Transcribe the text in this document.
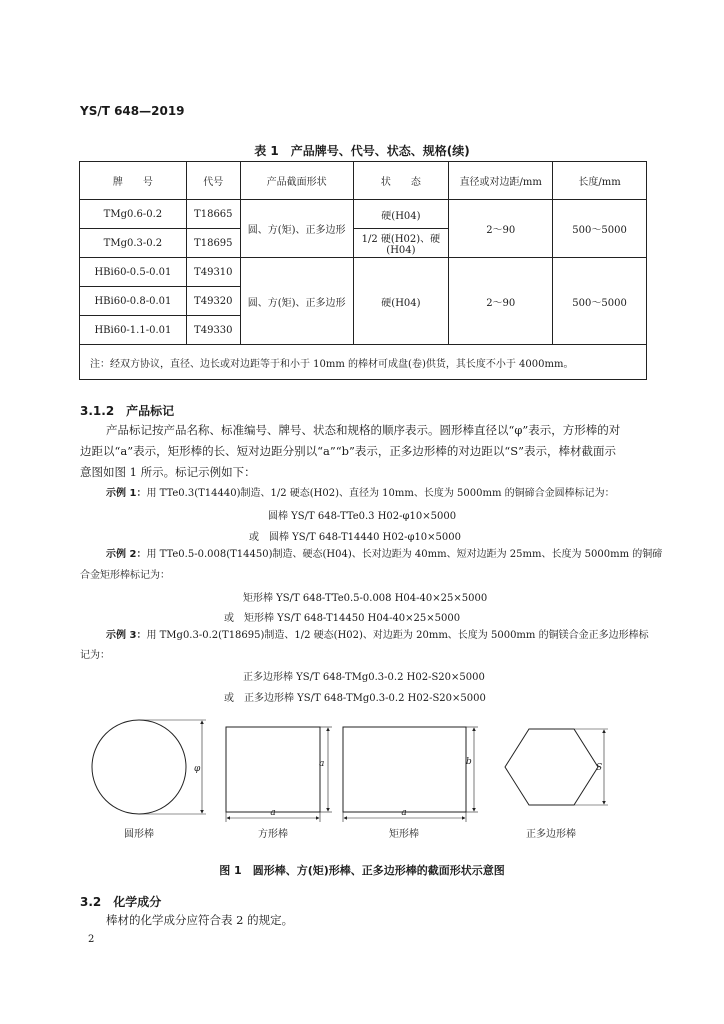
YS/T 648—2019
表 1　产品牌号、代号、状态、规格(续)
牌　　号	代号	产品截面形状	状　　态	直径或对边距/mm	长度/mm
TMg0.6-0.2	T18665	圆、方(矩)、正多边形	硬(H04)	2～90	500～5000
TMg0.3-0.2	T18695		1/2 硬(H02)、硬(H04)		
HBi60-0.5-0.01	T49310	圆、方(矩)、正多边形	硬(H04)	2～90	500～5000
HBi60-0.8-0.01	T49320				
HBi60-1.1-0.01	T49330				
注：经双方协议，直径、边长或对边距等于和小于 10mm 的棒材可成盘(卷)供货，其长度不小于 4000mm。					
3.1.2　产品标记
产品标记按产品名称、标准编号、牌号、状态和规格的顺序表示。圆形棒直径以“φ”表示，方形棒的对
边距以“a”表示，矩形棒的长、短对边距分别以“a”“b”表示，正多边形棒的对边距以“S”表示，棒材截面示
意图如图 1 所示。标记示例如下：
示例 1：用 TTe0.3(T14440)制造、1/2 硬态(H02)、直径为 10mm、长度为 5000mm 的铜碲合金圆棒标记为：
圆棒 YS/T 648-TTe0.3 H02-φ10×5000
或　圆棒 YS/T 648-T14440 H02-φ10×5000
示例 2：用 TTe0.5-0.008(T14450)制造、硬态(H04)、长对边距为 40mm、短对边距为 25mm、长度为 5000mm 的铜碲
合金矩形棒标记为：
矩形棒 YS/T 648-TTe0.5-0.008 H04-40×25×5000
或　矩形棒 YS/T 648-T14450 H04-40×25×5000
示例 3：用 TMg0.3-0.2(T18695)制造、1/2 硬态(H02)、对边距为 20mm、长度为 5000mm 的铜镁合金正多边形棒标
记为：
正多边形棒 YS/T 648-TMg0.3-0.2 H02-S20×5000
或　正多边形棒 YS/T 648-TMg0.3-0.2 H02-S20×5000
φ
圆形棒
a
a
方形棒
b
a
矩形棒
S
正多边形棒
图 1　圆形棒、方(矩)形棒、正多边形棒的截面形状示意图
3.2　化学成分
棒材的化学成分应符合表 2 的规定。
2
